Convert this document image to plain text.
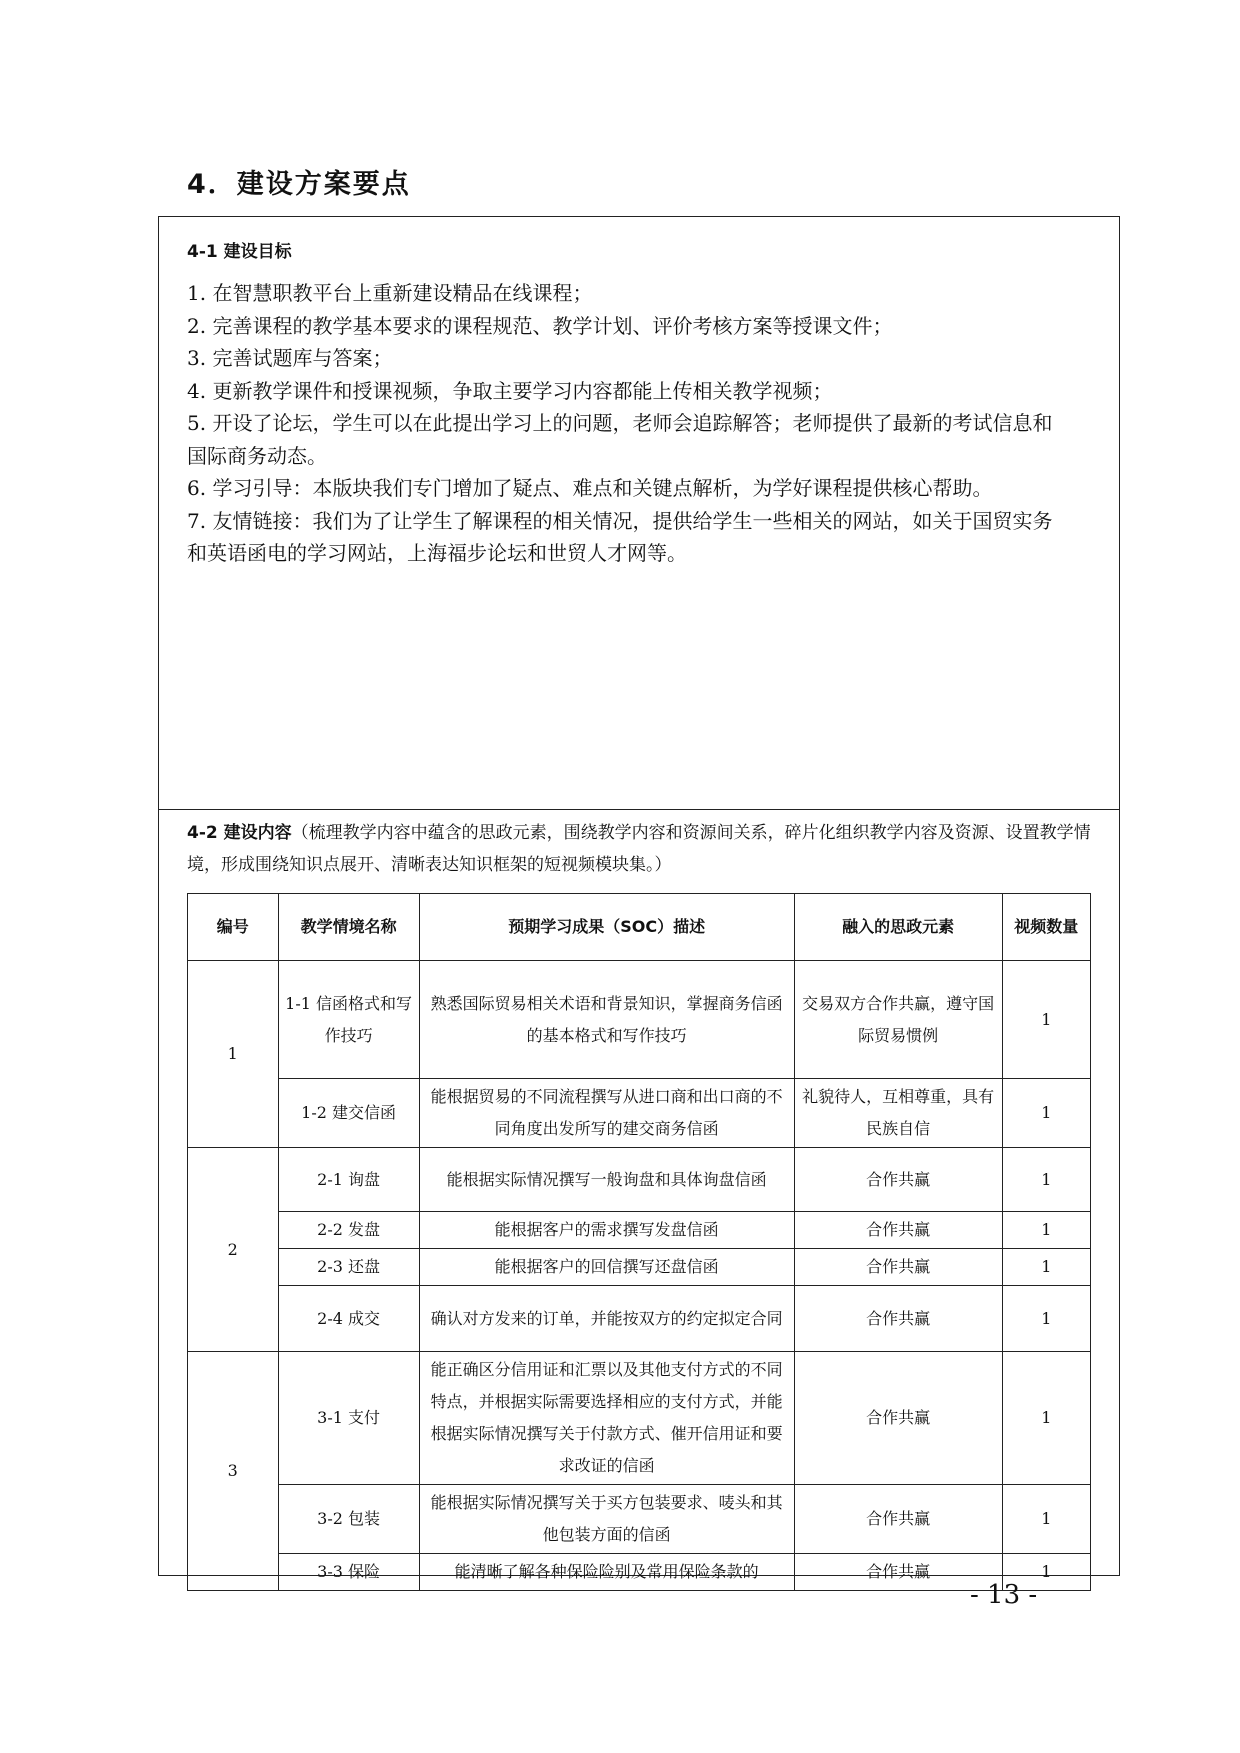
4．建设方案要点
4-1 建设目标
1. 在智慧职教平台上重新建设精品在线课程；
2. 完善课程的教学基本要求的课程规范、教学计划、评价考核方案等授课文件；
3. 完善试题库与答案；
4. 更新教学课件和授课视频，争取主要学习内容都能上传相关教学视频；
5. 开设了论坛，学生可以在此提出学习上的问题，老师会追踪解答；老师提供了最新的考试信息和国际商务动态。
6. 学习引导：本版块我们专门增加了疑点、难点和关键点解析，为学好课程提供核心帮助。
7. 友情链接：我们为了让学生了解课程的相关情况，提供给学生一些相关的网站，如关于国贸实务和英语函电的学习网站，上海福步论坛和世贸人才网等。
4-2 建设内容（梳理教学内容中蕴含的思政元素，围绕教学内容和资源间关系，碎片化组织教学内容及资源、设置教学情境，形成围绕知识点展开、清晰表达知识框架的短视频模块集。）
编号	教学情境名称	预期学习成果（SOC）描述	融入的思政元素	视频数量
1	1-1 信函格式和写作技巧	熟悉国际贸易相关术语和背景知识，掌握商务信函的基本格式和写作技巧	交易双方合作共赢，遵守国际贸易惯例	1
	1-2 建交信函	能根据贸易的不同流程撰写从进口商和出口商的不同角度出发所写的建交商务信函	礼貌待人，互相尊重，具有民族自信	1
2	2-1 询盘	能根据实际情况撰写一般询盘和具体询盘信函	合作共赢	1
	2-2 发盘	能根据客户的需求撰写发盘信函	合作共赢	1
	2-3 还盘	能根据客户的回信撰写还盘信函	合作共赢	1
	2-4 成交	确认对方发来的订单，并能按双方的约定拟定合同	合作共赢	1
3	3-1 支付	能正确区分信用证和汇票以及其他支付方式的不同特点，并根据实际需要选择相应的支付方式，并能根据实际情况撰写关于付款方式、催开信用证和要求改证的信函	合作共赢	1
	3-2 包装	能根据实际情况撰写关于买方包装要求、唛头和其他包装方面的信函	合作共赢	1
	3-3 保险	能清晰了解各种保险险别及常用保险条款的	合作共赢	1
- 13 -
